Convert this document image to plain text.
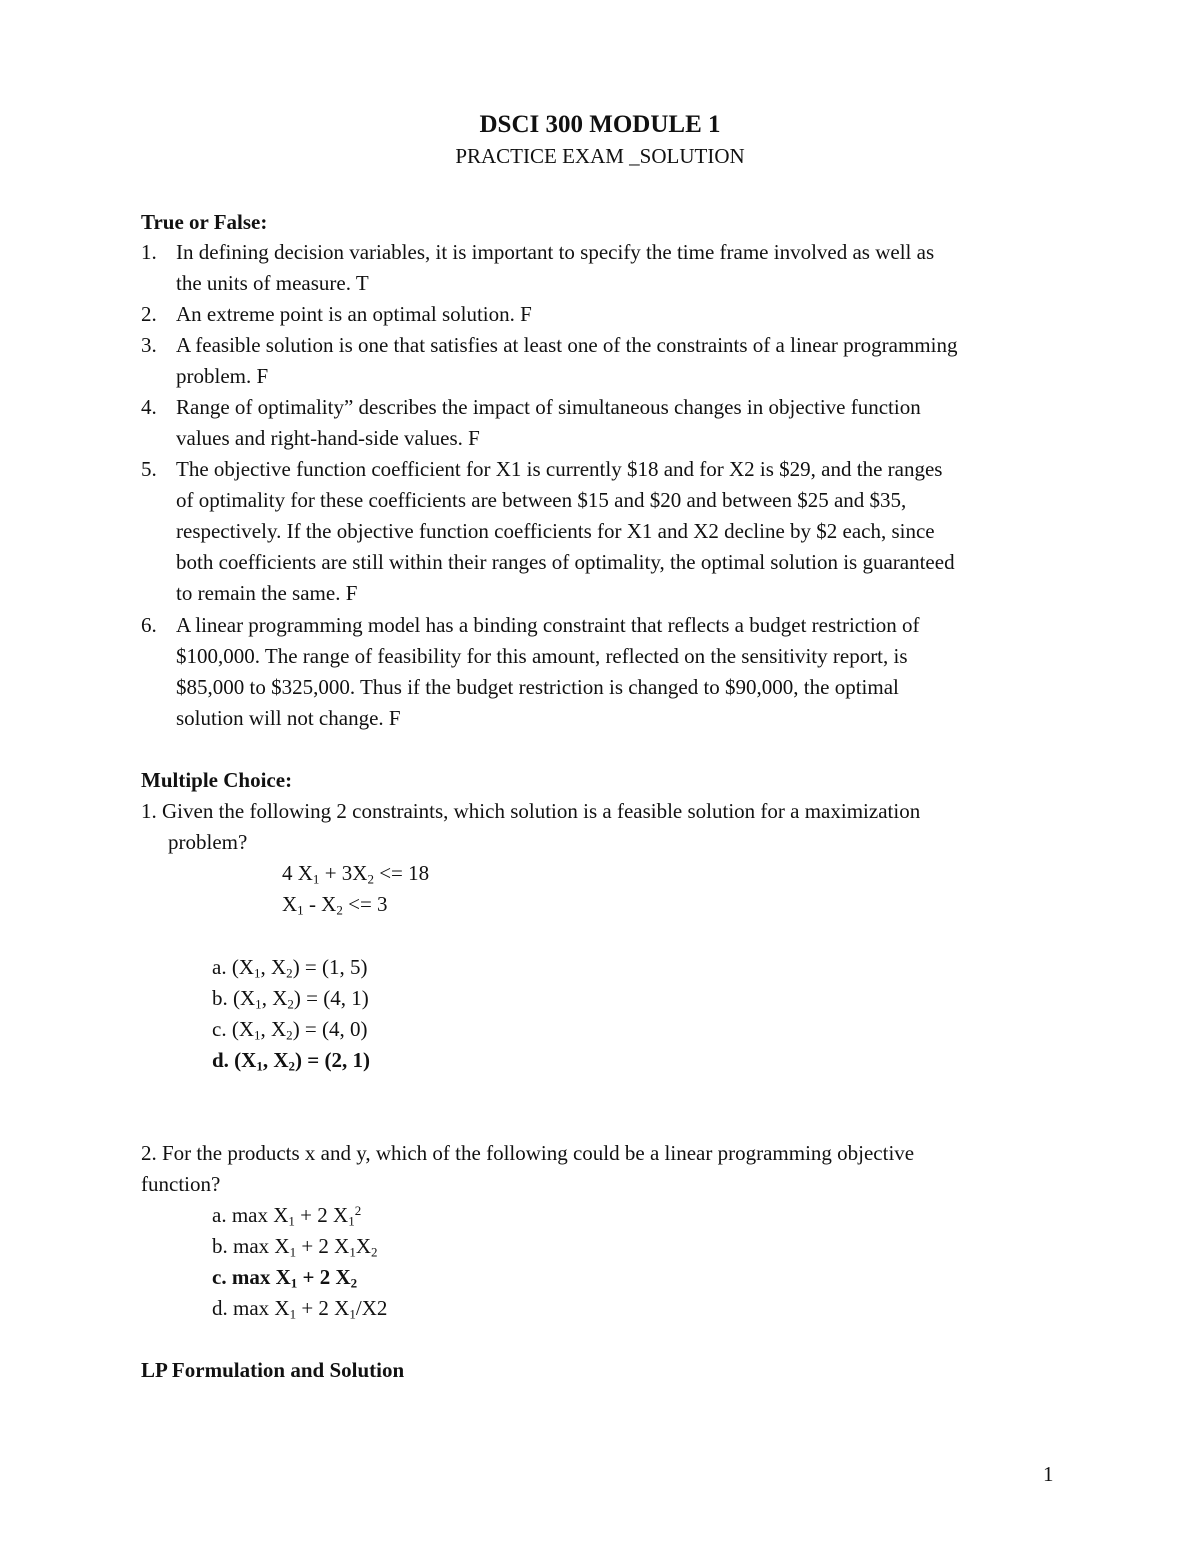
DSCI 300 MODULE 1
PRACTICE EXAM _SOLUTION
True or False:
1. In defining decision variables, it is important to specify the time frame involved as well as
the units of measure. T
2. An extreme point is an optimal solution. F
3. A feasible solution is one that satisfies at least one of the constraints of a linear programming
problem. F
4. Range of optimality” describes the impact of simultaneous changes in objective function
values and right-hand-side values. F
5. The objective function coefficient for X1 is currently $18 and for X2 is $29, and the ranges
of optimality for these coefficients are between $15 and $20 and between $25 and $35,
respectively. If the objective function coefficients for X1 and X2 decline by $2 each, since
both coefficients are still within their ranges of optimality, the optimal solution is guaranteed
to remain the same. F
6. A linear programming model has a binding constraint that reflects a budget restriction of
$100,000. The range of feasibility for this amount, reflected on the sensitivity report, is
$85,000 to $325,000. Thus if the budget restriction is changed to $90,000, the optimal
solution will not change. F
Multiple Choice:
1. Given the following 2 constraints, which solution is a feasible solution for a maximization
problem?
4 $X_1 + 3X_2 <= 18$
$X_1 - X_2 <= 3$
a. ($X_1$, $X_2) = (1$, 5)
b. ($X_1$, $X_2) = (4$, 1)
c. ($X_1$, $X_2) = (4$, 0)
d. ($X_1$, $X_2) = (2$, 1)
2. For the products x and y, which of the following could be a linear programming objective
function?
a. $\max X_1 + 2$ $X_1^2$
b. $\max X_1 + 2$ $X_1X_2$
c. $\max X_1 + 2$ $X_2$
d. $\max X_1 + 2$ $X_1/X2$
LP Formulation and Solution
1
